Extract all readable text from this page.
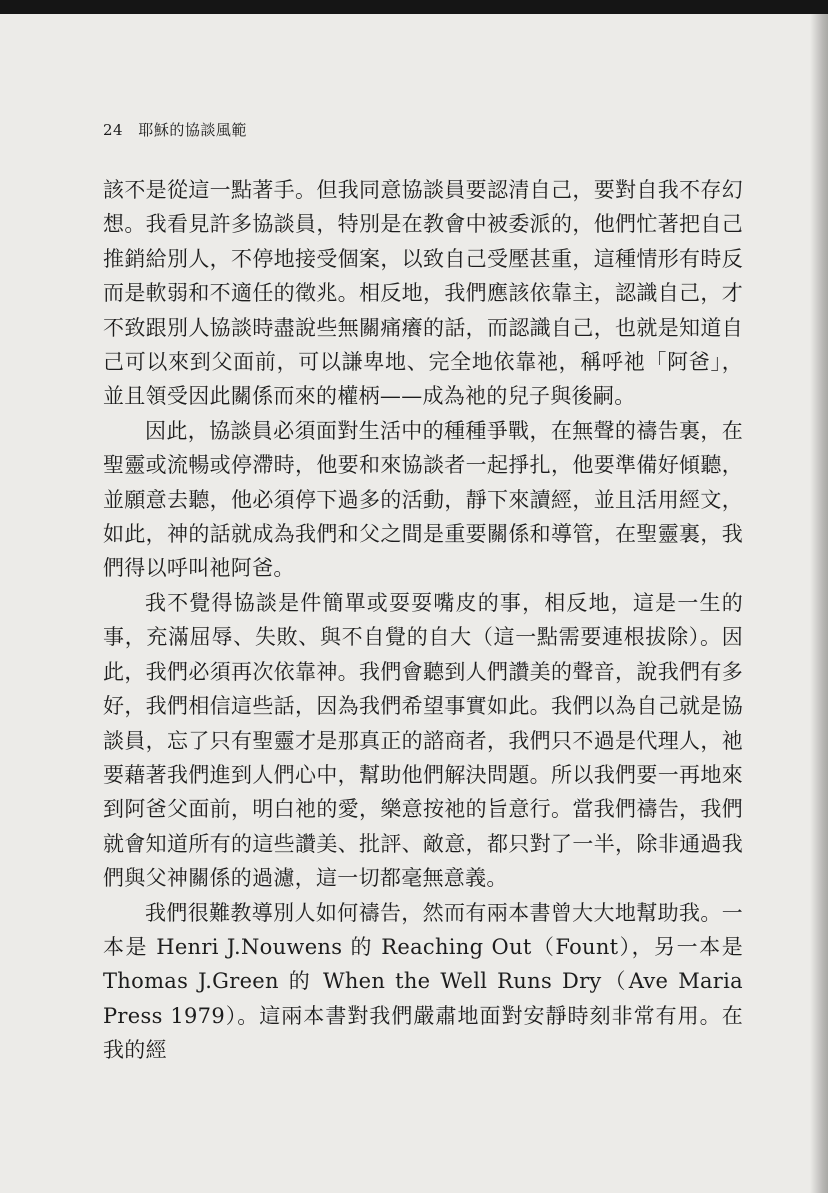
24 耶穌的協談風範

該不是從這一點著手。但我同意協談員要認清自己，要對自我不存幻想。我看見許多協談員，特別是在教會中被委派的，他們忙著把自己推銷給別人，不停地接受個案，以致自己受壓甚重，這種情形有時反而是軟弱和不適任的徵兆。相反地，我們應該依靠主，認識自己，才不致跟別人協談時盡說些無關痛癢的話，而認識自己，也就是知道自己可以來到父面前，可以謙卑地、完全地依靠祂，稱呼祂「阿爸」，並且領受因此關係而來的權柄——成為祂的兒子與後嗣。

因此，協談員必須面對生活中的種種爭戰，在無聲的禱告裏，在聖靈或流暢或停滯時，他要和來協談者一起掙扎，他要準備好傾聽，並願意去聽，他必須停下過多的活動，靜下來讀經，並且活用經文，如此，神的話就成為我們和父之間是重要關係和導管，在聖靈裏，我們得以呼叫祂阿爸。

我不覺得協談是件簡單或耍耍嘴皮的事，相反地，這是一生的事，充滿屈辱、失敗、與不自覺的自大（這一點需要連根拔除）。因此，我們必須再次依靠神。我們會聽到人們讚美的聲音，說我們有多好，我們相信這些話，因為我們希望事實如此。我們以為自己就是協談員，忘了只有聖靈才是那真正的諮商者，我們只不過是代理人，祂要藉著我們進到人們心中，幫助他們解決問題。所以我們要一再地來到阿爸父面前，明白祂的愛，樂意按祂的旨意行。當我們禱告，我們就會知道所有的這些讚美、批評、敵意，都只對了一半，除非通過我們與父神關係的過濾，這一切都毫無意義。

我們很難教導別人如何禱告，然而有兩本書曾大大地幫助我。一本是 Henri J.Nouwens 的 Reaching Out（Fount），另一本是 Thomas J.Green 的 When the Well Runs Dry（Ave Maria Press 1979）。這兩本書對我們嚴肅地面對安靜時刻非常有用。在我的經
